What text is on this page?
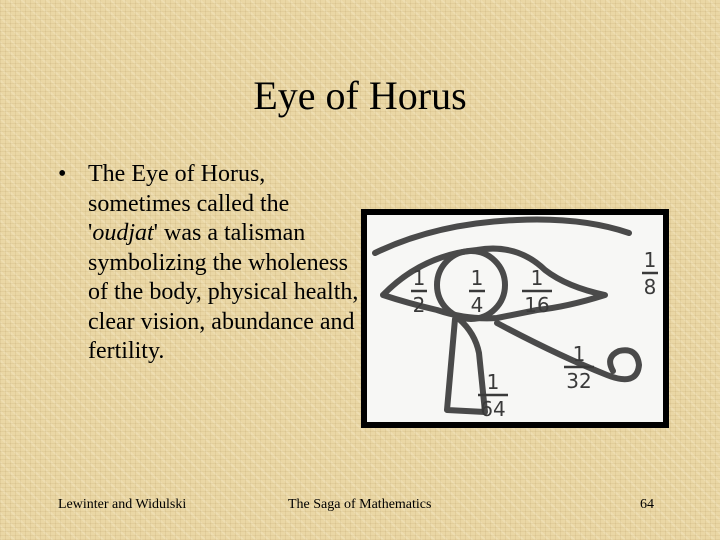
Eye of Horus
• The Eye of Horus, sometimes called the 'oudjat' was a talisman symbolizing the wholeness of the body, physical health, clear vision, abundance and fertility.
1
2
1
4
1
16
1
8
1
32
1
64
Lewinter and Widulski	The Saga of Mathematics	64
